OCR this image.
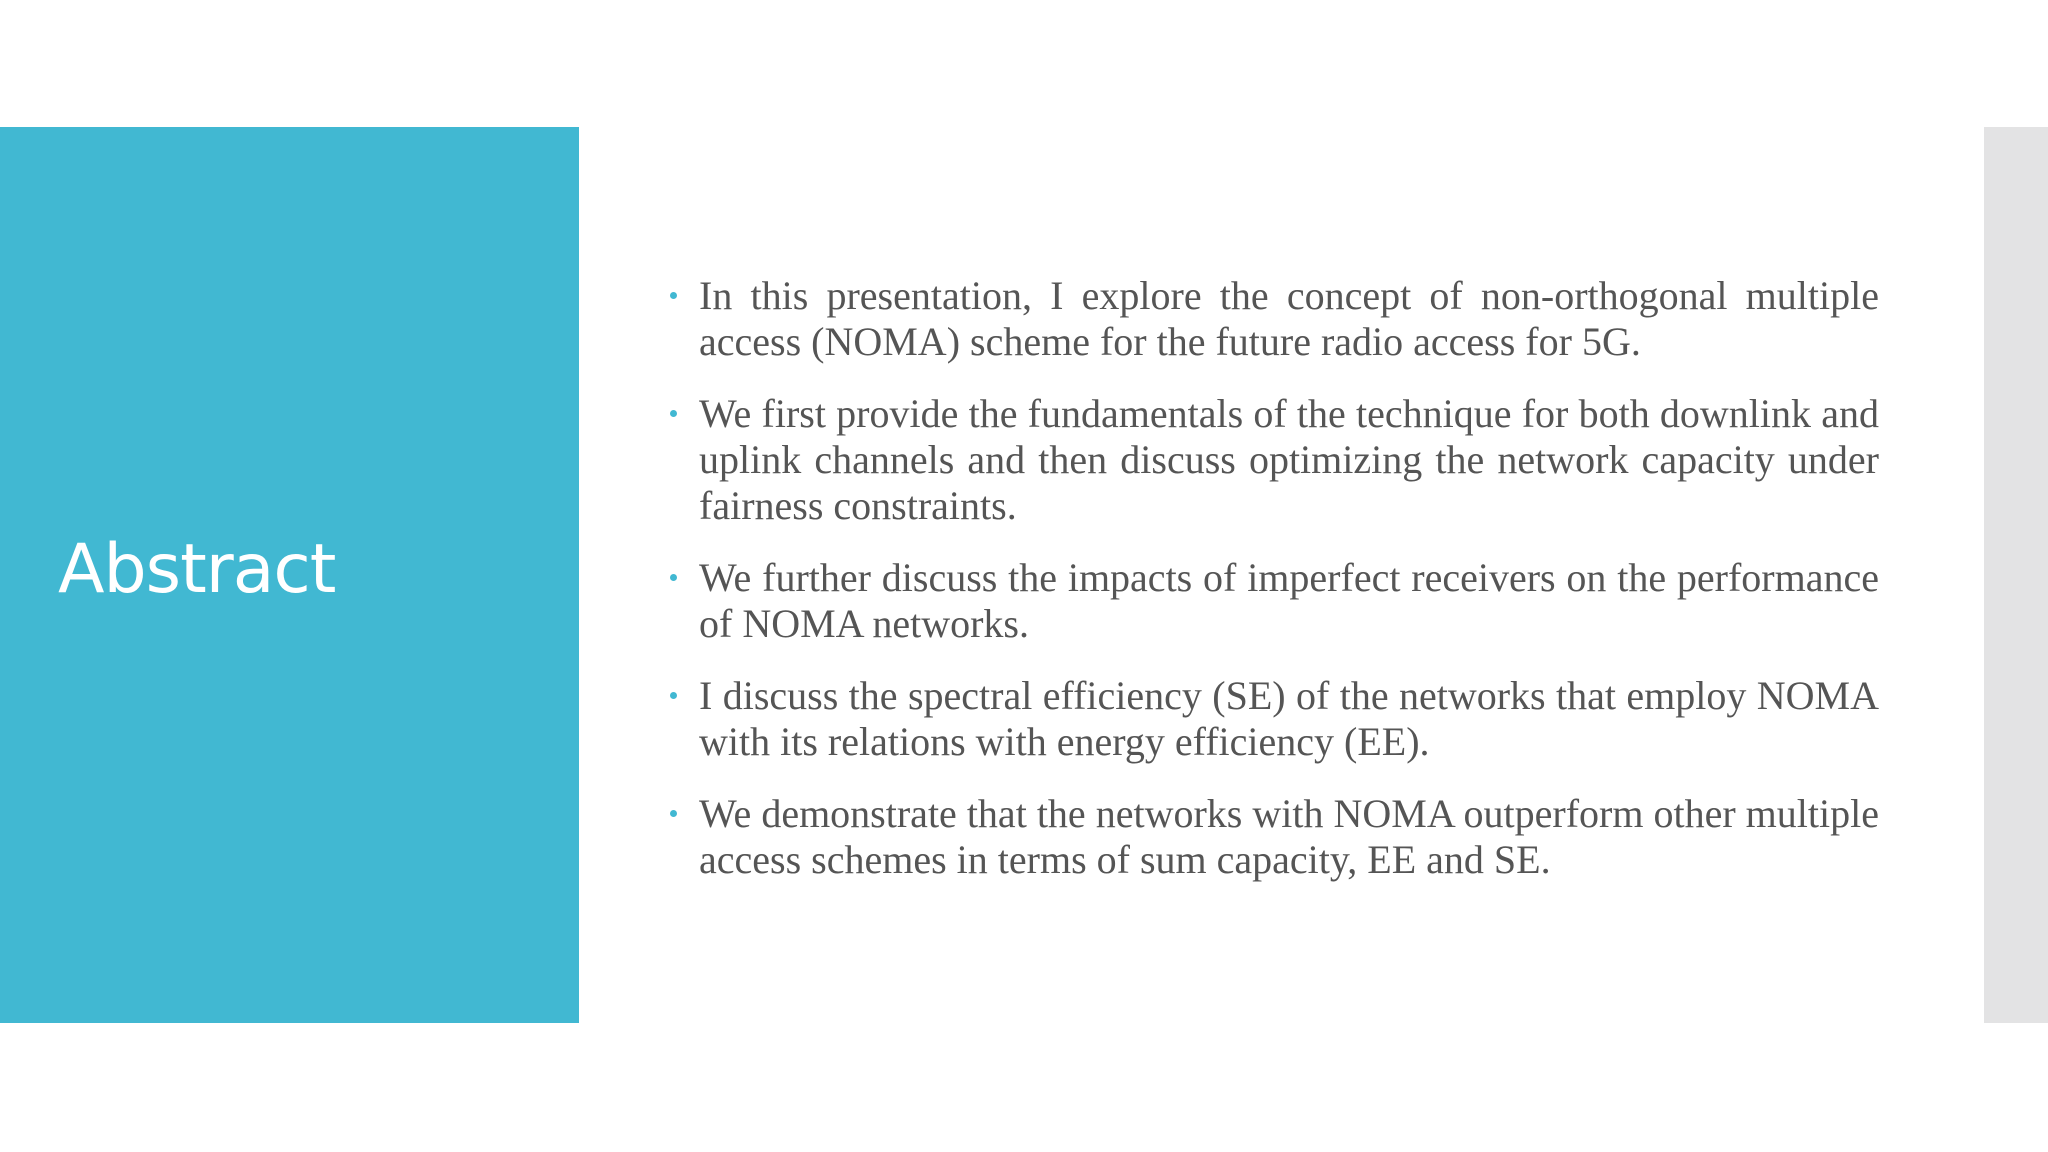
Abstract
In this presentation, I explore the concept of non-orthogonal multiple access (NOMA) scheme for the future radio access for 5G.
We first provide the fundamentals of the technique for both downlink and uplink channels and then discuss optimizing the network capacity under fairness constraints.
We further discuss the impacts of imperfect receivers on the performance of NOMA networks.
I discuss the spectral efficiency (SE) of the networks that employ NOMA with its relations with energy efficiency (EE).
We demonstrate that the networks with NOMA outperform other multiple access schemes in terms of sum capacity, EE and SE.
